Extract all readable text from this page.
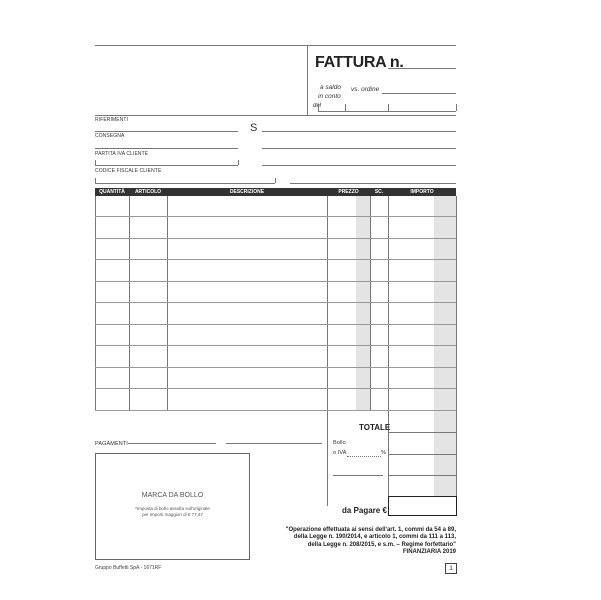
FATTURA n.
a saldo
in conto
vs. ordine
del
RIFERIMENTI
CONSEGNA
S
PARTITA IVA CLIENTE
CODICE FISCALE CLIENTE
QUANTITÀ	ARTICOLO	DESCRIZIONE	PREZZO	SC.	IMPORTO
TOTALE
Bollo
o IVA	%
da Pagare €
PAGAMENTI
MARCA DA BOLLO
*Imposta di bollo assolta sull'originale
per importi maggiori di € 77,47
"Operazione effettuata ai sensi dell'art. 1, commi da 54 a 89,
della Legge n. 190/2014, e articolo 1, commi da 111 a 113,
della Legge n. 208/2015, e s.m. – Regime forfettario"
FINANZIARIA 2019
Gruppo Buffetti SpA - 1671RF	1
